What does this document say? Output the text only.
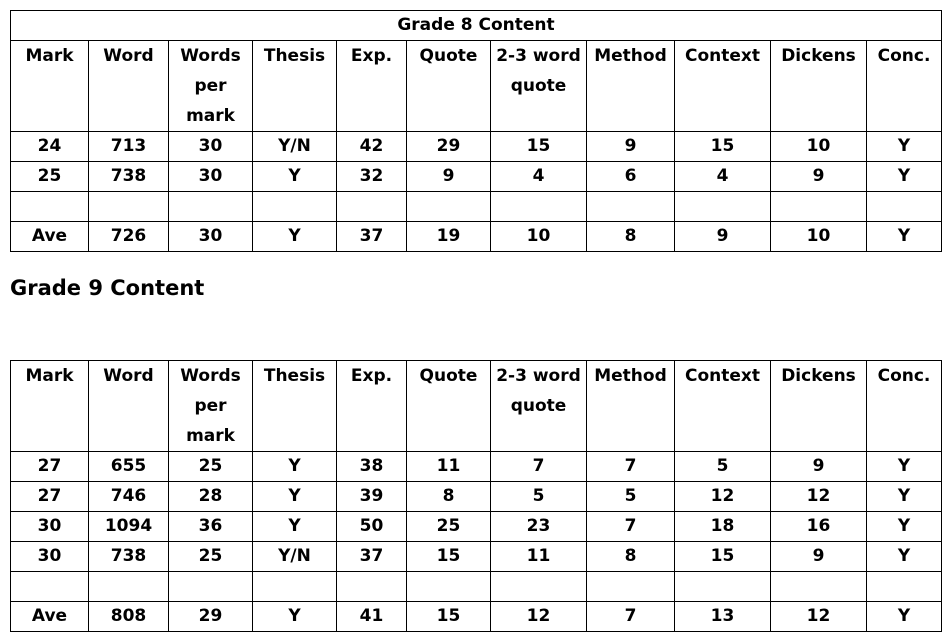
Grade 8 Content										

Mark	Word	Words per mark	Thesis	Exp.	Quote	2-3 word quote	Method	Context	Dickens	Conc.

24	713	30	Y/N	42	29	15	9	15	10	Y
25	738	30	Y	32	9	4	6	4	9	Y

Ave	726	30	Y	37	19	10	8	9	10	Y
Grade 9 Content
Mark	Word	Words per mark	Thesis	Exp.	Quote	2-3 word quote	Method	Context	Dickens	Conc.

27	655	25	Y	38	11	7	7	5	9	Y
27	746	28	Y	39	8	5	5	12	12	Y
30	1094	36	Y	50	25	23	7	18	16	Y
30	738	25	Y/N	37	15	11	8	15	9	Y

Ave	808	29	Y	41	15	12	7	13	12	Y
